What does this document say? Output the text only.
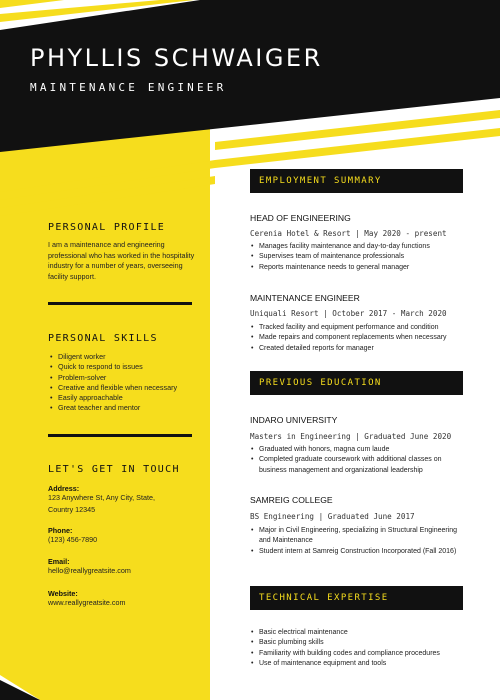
PHYLLIS SCHWAIGER
MAINTENANCE ENGINEER
PERSONAL PROFILE
I am a maintenance and engineering professional who has worked in the hospitality industry for a number of years, overseeing facility support.
PERSONAL SKILLS
• Diligent worker
• Quick to respond to issues
• Problem-solver
• Creative and flexible when necessary
• Easily approachable
• Great teacher and mentor
LET'S GET IN TOUCH
Address:
123 Anywhere St, Any City, State,
Country 12345
Phone:
(123) 456-7890
Email:
hello@reallygreatsite.com
Website:
www.reallygreatsite.com
EMPLOYMENT SUMMARY
HEAD OF ENGINEERING
Cerenia Hotel & Resort | May 2020 - present
• Manages facility maintenance and day-to-day functions
• Supervises team of maintenance professionals
• Reports maintenance needs to general manager
MAINTENANCE ENGINEER
Uniquali Resort | October 2017 - March 2020
• Tracked facility and equipment performance and condition
• Made repairs and component replacements when necessary
• Created detailed reports for manager
PREVIOUS EDUCATION
INDARO UNIVERSITY
Masters in Engineering | Graduated June 2020
• Graduated with honors, magna cum laude
• Completed graduate coursework with additional classes on business management and organizational leadership
SAMREIG COLLEGE
BS Engineering | Graduated June 2017
• Major in Civil Engineering, specializing in Structural Engineering and Maintenance
• Student intern at Samreig Construction Incorporated (Fall 2016)
TECHNICAL EXPERTISE
• Basic electrical maintenance
• Basic plumbing skills
• Familiarity with building codes and compliance procedures
• Use of maintenance equipment and tools
